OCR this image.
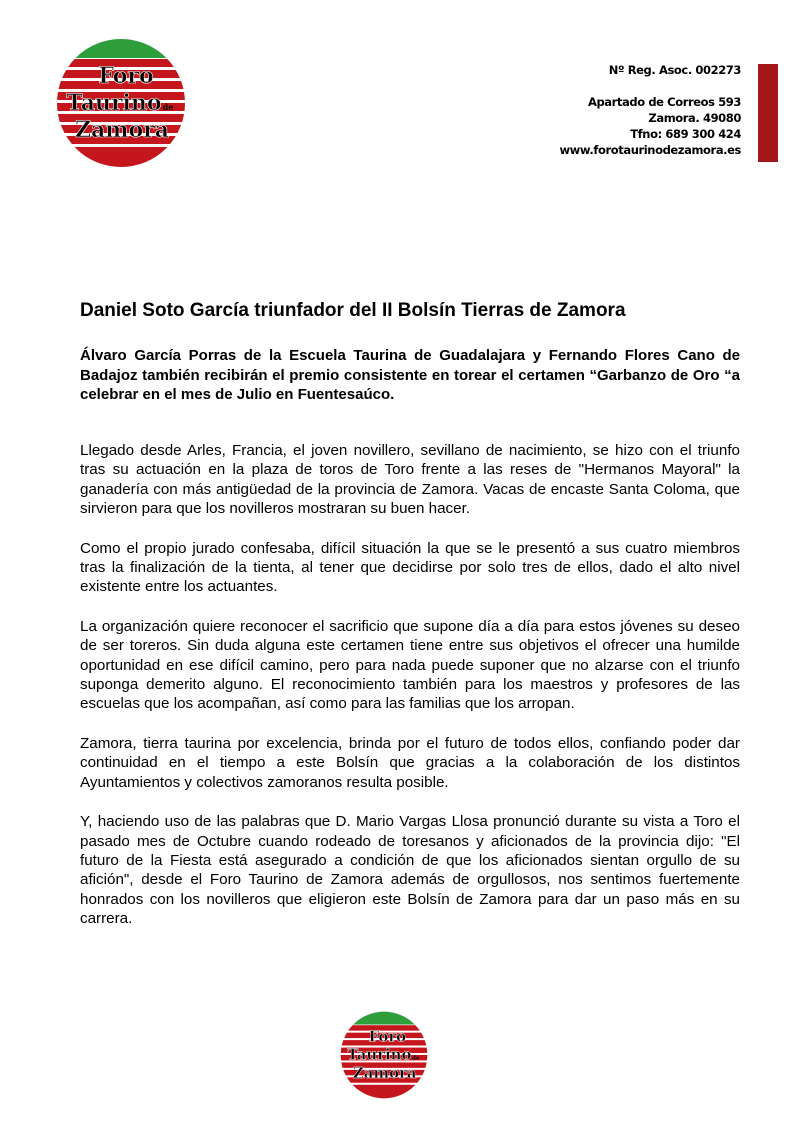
Foro
Taurino de
Zamora
Nº Reg. Asoc. 002273
Apartado de Correos 593
Zamora. 49080
Tfno: 689 300 424
www.forotaurinodezamora.es
Daniel Soto García triunfador del II Bolsín Tierras de Zamora

Álvaro García Porras de la Escuela Taurina de Guadalajara y Fernando Flores Cano de Badajoz también recibirán el premio consistente en torear el certamen “Garbanzo de Oro “a celebrar en el mes de Julio en Fuentesaúco.

Llegado desde Arles, Francia, el joven novillero, sevillano de nacimiento, se hizo con el triunfo tras su actuación en la plaza de toros de Toro frente a las reses de "Hermanos Mayoral" la ganadería con más antigüedad de la provincia de Zamora. Vacas de encaste Santa Coloma, que sirvieron para que los novilleros mostraran su buen hacer.

Como el propio jurado confesaba, difícil situación la que se le presentó a sus cuatro miembros tras la finalización de la tienta, al tener que decidirse por solo tres de ellos, dado el alto nivel existente entre los actuantes.

La organización quiere reconocer el sacrificio que supone día a día para estos jóvenes su deseo de ser toreros. Sin duda alguna este certamen tiene entre sus objetivos el ofrecer una humilde oportunidad en ese difícil camino, pero para nada puede suponer que no alzarse con el triunfo suponga demerito alguno. El reconocimiento también para los maestros y profesores de las escuelas que los acompañan, así como para las familias que los arropan.

Zamora, tierra taurina por excelencia, brinda por el futuro de todos ellos, confiando poder dar continuidad en el tiempo a este Bolsín que gracias a la colaboración de los distintos Ayuntamientos y colectivos zamoranos resulta posible.

Y, haciendo uso de las palabras que D. Mario Vargas Llosa pronunció durante su vista a Toro el pasado mes de Octubre cuando rodeado de toresanos y aficionados de la provincia dijo: "El futuro de la Fiesta está asegurado a condición de que los aficionados sientan orgullo de su afición", desde el Foro Taurino de Zamora además de orgullosos, nos sentimos fuertemente honrados con los novilleros que eligieron este Bolsín de Zamora para dar un paso más en su carrera.

Foro
Taurino de
Zamora
